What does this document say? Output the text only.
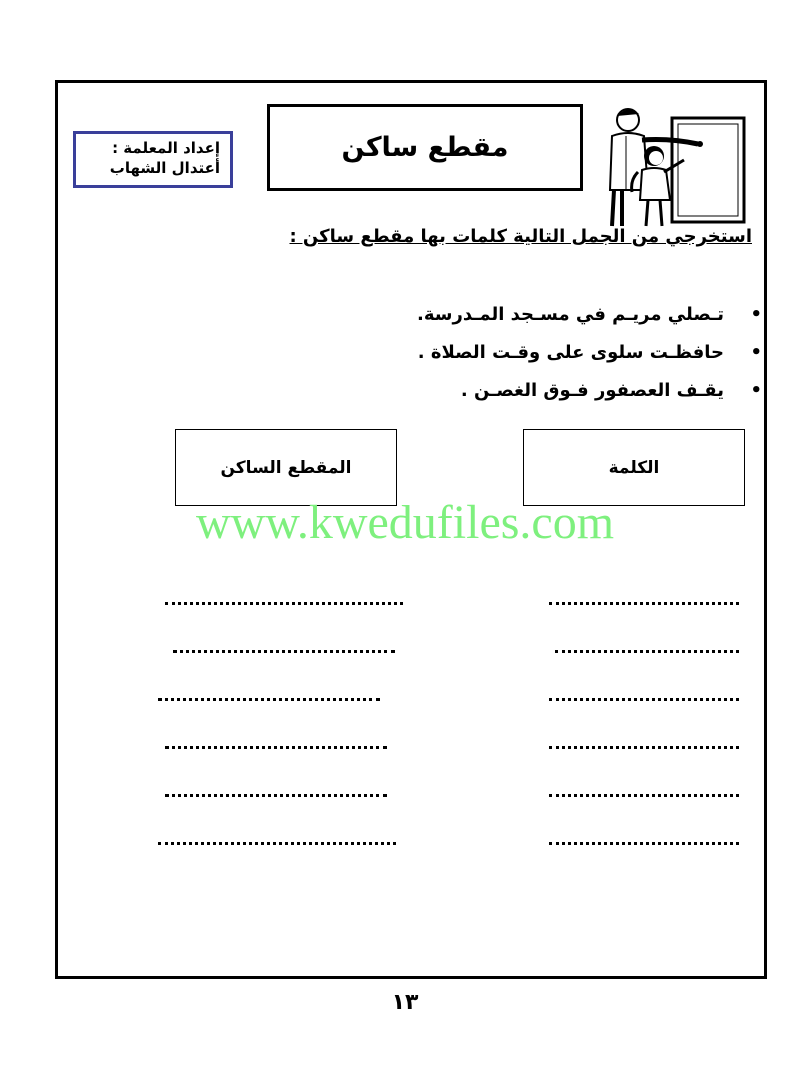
إعداد المعلمة :
أعتدال الشهاب
مقطع ساكن
استخرجي من الجمل التالية كلمات بها مقطع ساكن :
•تـصلي مريـم في مسـجد المـدرسة.
•حافظـت سلوى على وقـت الصلاة .
•يقـف العصفور فـوق الغصـن .
الكلمة
المقطع الساكن
www.kwedufiles.com
١٣
